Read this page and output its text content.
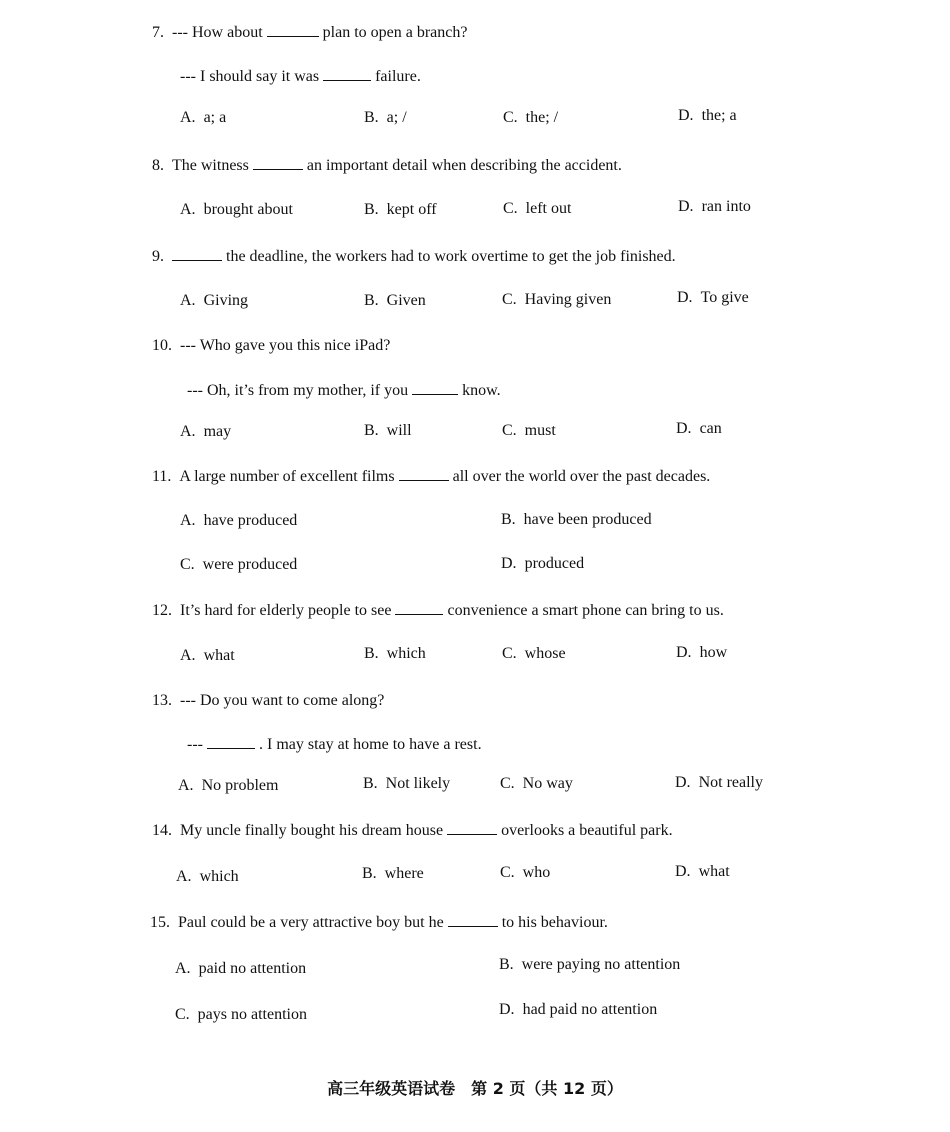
7. --- How about	plan to open a branch?
--- I should say it was	failure.
A. a; a	B. a; /	C. the; /	D. the; a
8. The witness	an important detail when describing the accident.
A. brought about	B. kept off	C. left out	D. ran into
9.	the deadline, the workers had to work overtime to get the job finished.
A. Giving	B. Given	C. Having given	D. To give
10. --- Who gave you this nice iPad?
--- Oh, it’s from my mother, if you	know.
A. may	B. will	C. must	D. can
11. A large number of excellent films	all over the world over the past decades.
A. have produced	B. have been produced
C. were produced	D. produced
12. It’s hard for elderly people to see	convenience a smart phone can bring to us.
A. what	B. which	C. whose	D. how
13. --- Do you want to come along?
---	. I may stay at home to have a rest.
A. No problem	B. Not likely	C. No way	D. Not really
14. My uncle finally bought his dream house	overlooks a beautiful park.
A. which	B. where	C. who	D. what
15. Paul could be a very attractive boy but he	to his behaviour.
A. paid no attention	B. were paying no attention
C. pays no attention	D. had paid no attention
高三年级英语试卷　第 2 页（共 12 页）
